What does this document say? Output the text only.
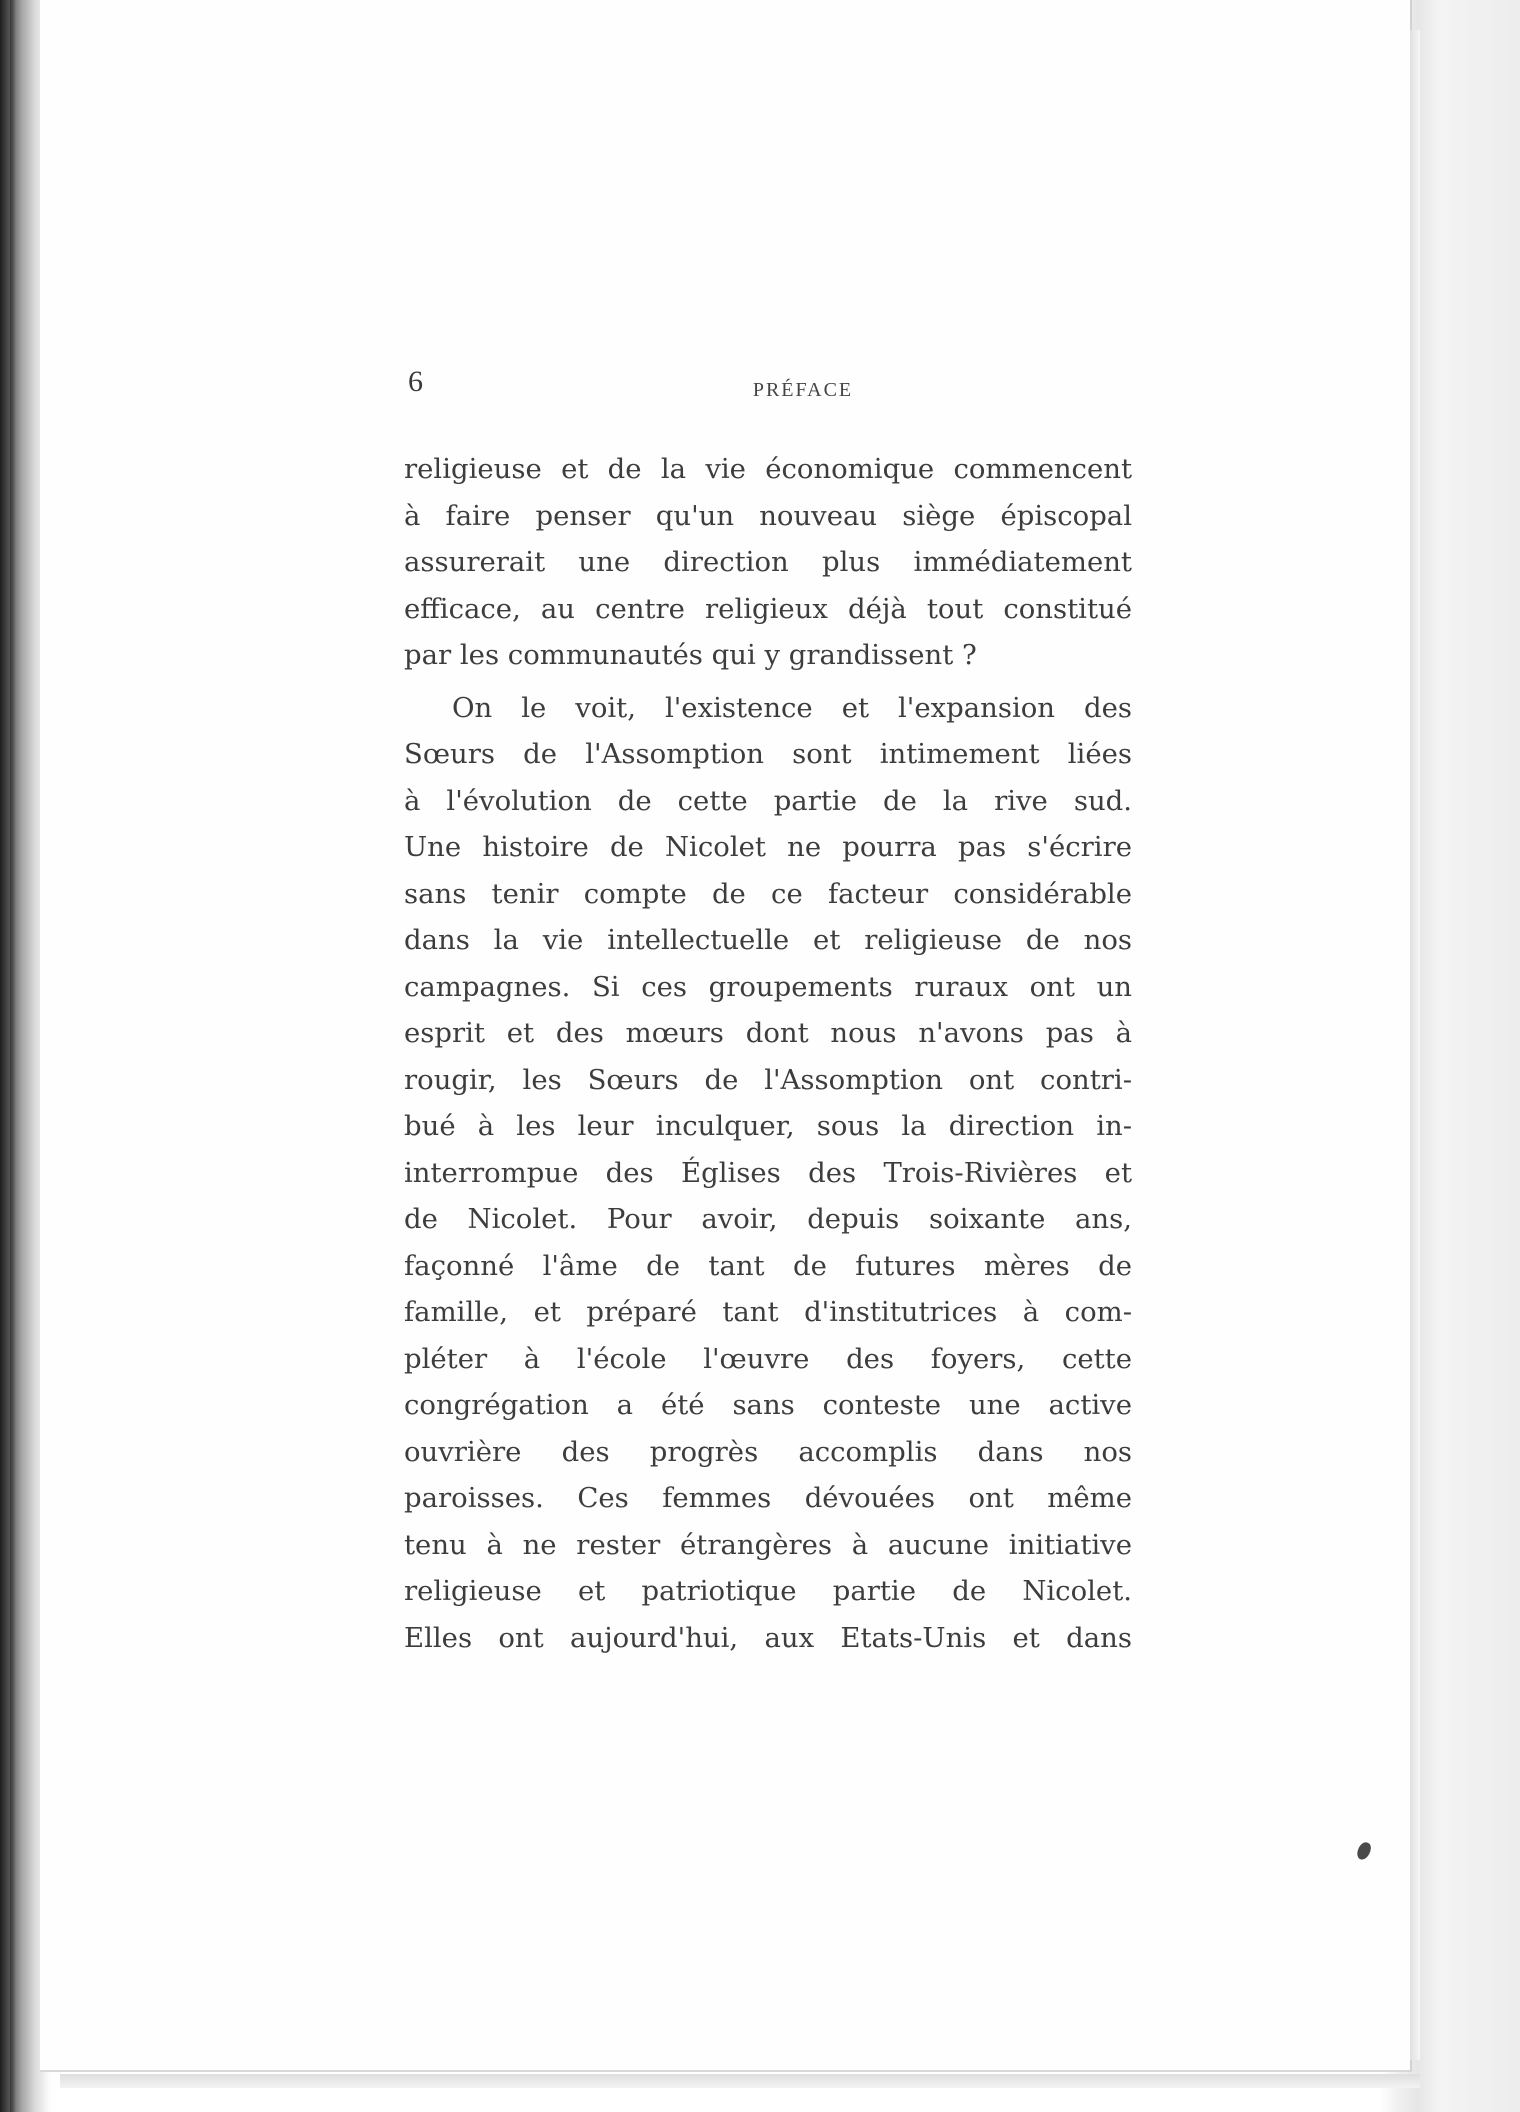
6	PRÉFACE
religieuse et de la vie économique commencent
à faire penser qu'un nouveau siège épiscopal
assurerait une direction plus immédiatement
efficace, au centre religieux déjà tout constitué
par les communautés qui y grandissent ?
On le voit, l'existence et l'expansion des
Sœurs de l'Assomption sont intimement liées
à l'évolution de cette partie de la rive sud.
Une histoire de Nicolet ne pourra pas s'écrire
sans tenir compte de ce facteur considérable
dans la vie intellectuelle et religieuse de nos
campagnes. Si ces groupements ruraux ont un
esprit et des mœurs dont nous n'avons pas à
rougir, les Sœurs de l'Assomption ont contri-
bué à les leur inculquer, sous la direction in-
interrompue des Églises des Trois-Rivières et
de Nicolet. Pour avoir, depuis soixante ans,
façonné l'âme de tant de futures mères de
famille, et préparé tant d'institutrices à com-
pléter à l'école l'œuvre des foyers, cette
congrégation a été sans conteste une active
ouvrière des progrès accomplis dans nos
paroisses. Ces femmes dévouées ont même
tenu à ne rester étrangères à aucune initiative
religieuse et patriotique partie de Nicolet.
Elles ont aujourd'hui, aux Etats-Unis et dans
